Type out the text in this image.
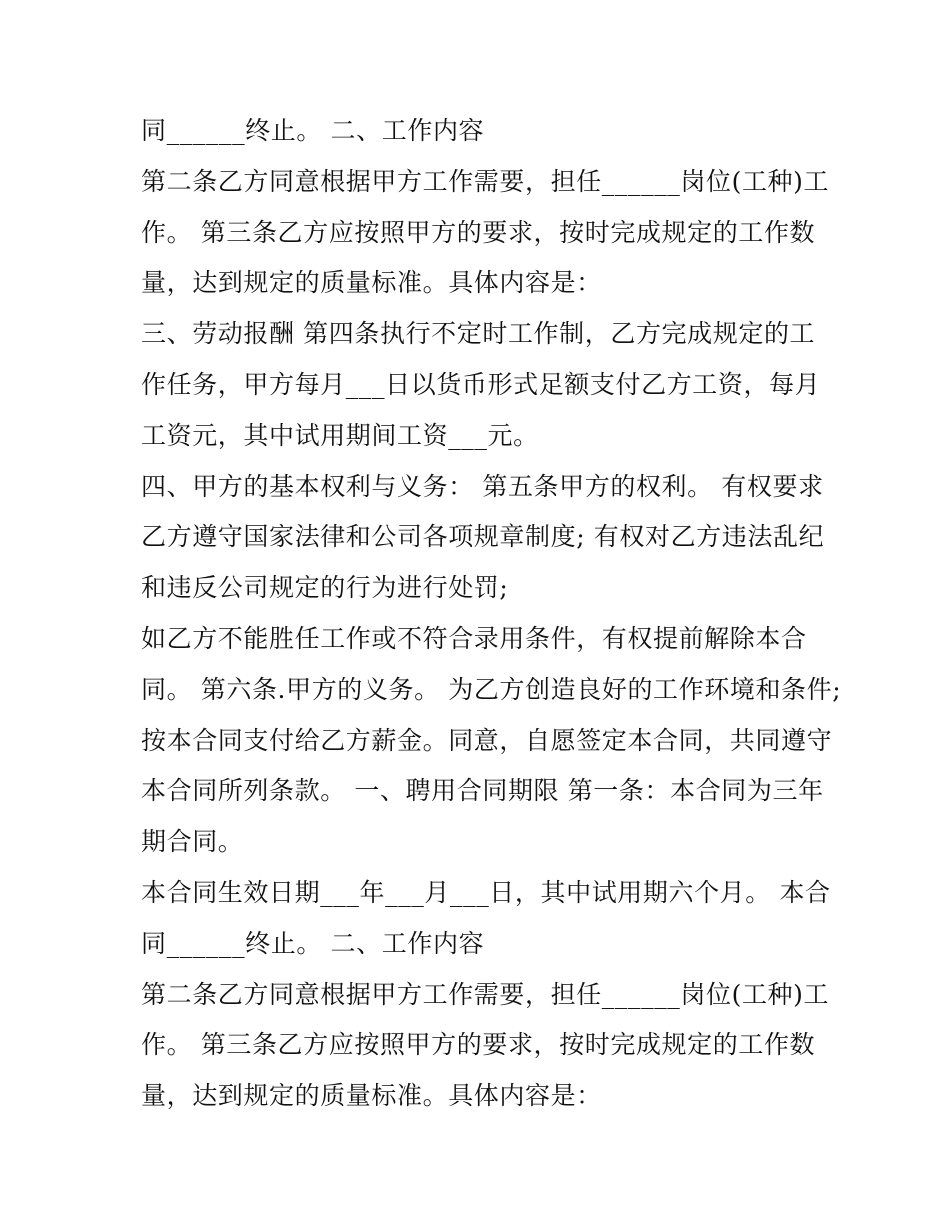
同______终止。 二、工作内容
第二条乙方同意根据甲方工作需要，担任______岗位(工种)工
作。 第三条乙方应按照甲方的要求，按时完成规定的工作数
量，达到规定的质量标准。具体内容是：
三、劳动报酬 第四条执行不定时工作制，乙方完成规定的工
作任务，甲方每月___日以货币形式足额支付乙方工资，每月
工资元，其中试用期间工资___元。
四、甲方的基本权利与义务： 第五条甲方的权利。 有权要求
乙方遵守国家法律和公司各项规章制度; 有权对乙方违法乱纪
和违反公司规定的行为进行处罚;
如乙方不能胜任工作或不符合录用条件，有权提前解除本合
同。 第六条.甲方的义务。 为乙方创造良好的工作环境和条件;
按本合同支付给乙方薪金。同意，自愿签定本合同，共同遵守
本合同所列条款。 一、聘用合同期限 第一条：本合同为三年
期合同。
本合同生效日期___年___月___日，其中试用期六个月。 本合
同______终止。 二、工作内容
第二条乙方同意根据甲方工作需要，担任______岗位(工种)工
作。 第三条乙方应按照甲方的要求，按时完成规定的工作数
量，达到规定的质量标准。具体内容是：
